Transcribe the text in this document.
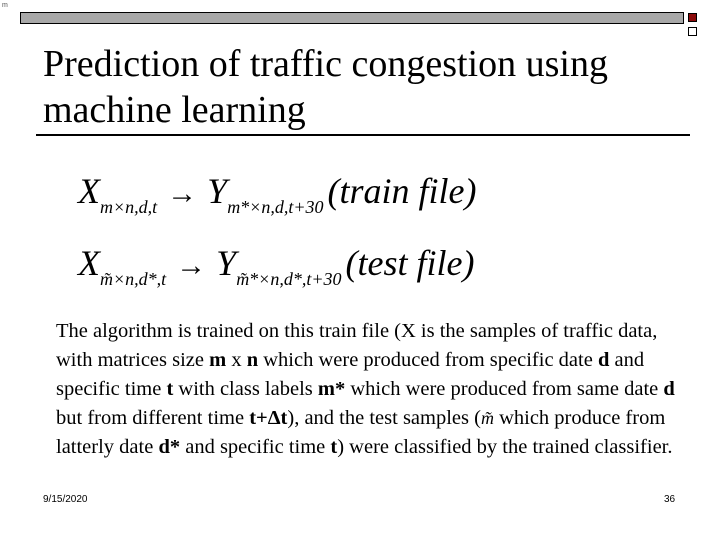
m
Prediction of traffic congestion using
machine learning
Xm×n,d,t → Ym*×n,d,t+30 (train file)
Xm̃×n,d*,t → Ym̃*×n,d*,t+30 (test file)

The algorithm is trained on this train file (X is the samples of traffic data, with matrices size m x n which were produced from specific date d and specific time t with class labels m* which were produced from same date d but from different time t+Δt), and the test samples (m̃ which produce from latterly date d* and specific time t) were classified by the trained classifier.

9/15/2020	36
